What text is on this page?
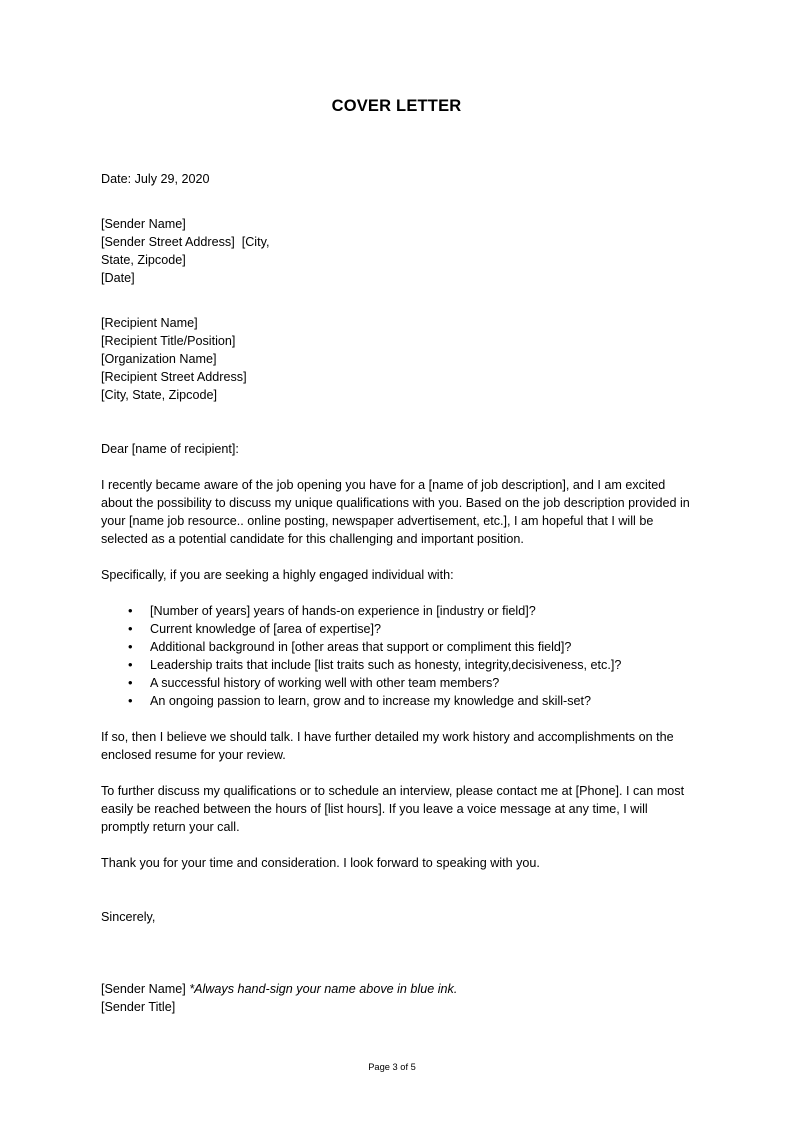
COVER LETTER
Date: July 29, 2020
[Sender Name]
[Sender Street Address]  [City,
State, Zipcode]
[Date]
[Recipient Name]
[Recipient Title/Position]
[Organization Name]
[Recipient Street Address]
[City, State, Zipcode]
Dear [name of recipient]:
I recently became aware of the job opening you have for a [name of job description], and I am excited about the possibility to discuss my unique qualifications with you. Based on the job description provided in your [name job resource.. online posting, newspaper advertisement, etc.], I am hopeful that I will be selected as a potential candidate for this challenging and important position.
Specifically, if you are seeking a highly engaged individual with:
• [Number of years] years of hands-on experience in [industry or field]?
• Current knowledge of [area of expertise]?
• Additional background in [other areas that support or compliment this field]?
• Leadership traits that include [list traits such as honesty, integrity,decisiveness, etc.]?
• A successful history of working well with other team members?
• An ongoing passion to learn, grow and to increase my knowledge and skill-set?
If so, then I believe we should talk. I have further detailed my work history and accomplishments on the enclosed resume for your review.
To further discuss my qualifications or to schedule an interview, please contact me at [Phone]. I can most easily be reached between the hours of [list hours]. If you leave a voice message at any time, I will promptly return your call.
Thank you for your time and consideration. I look forward to speaking with you.
Sincerely,
[Sender Name] *Always hand-sign your name above in blue ink.
[Sender Title]
Page 3 of 5
